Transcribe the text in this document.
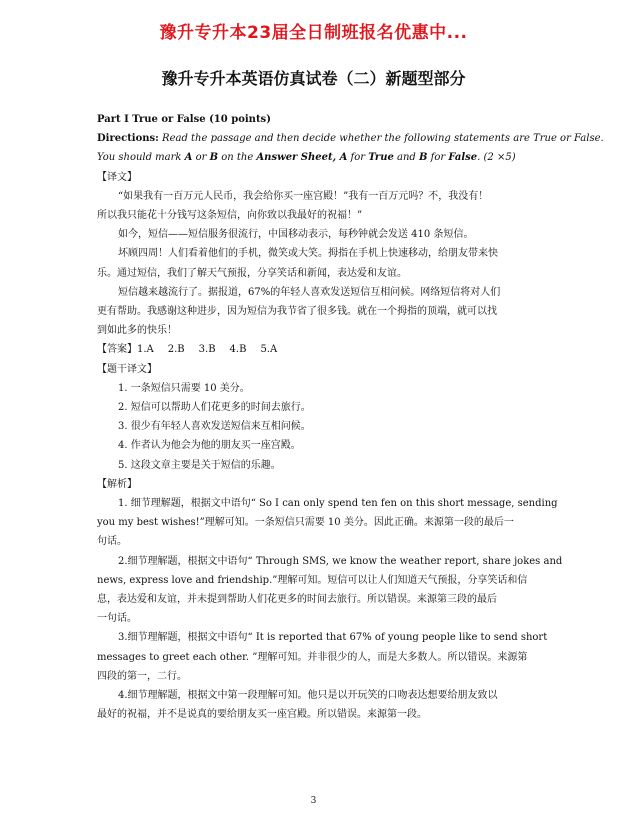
豫升专升本23届全日制班报名优惠中...
豫升专升本英语仿真试卷（二）新题型部分
Part I True or False (10 points)
Directions: Read the passage and then decide whether the following statements are True or False.
You should mark A or B on the Answer Sheet, A for True and B for False. (2 ×5)
【译文】
“如果我有一百万元人民币，我会给你买一座宫殿！”我有一百万元吗？不，我没有！
所以我只能花十分钱写这条短信，向你致以我最好的祝福！”
如今，短信——短信服务很流行，中国移动表示，每秒钟就会发送 410 条短信。
坏顾四周！人们看着他们的手机，微笑或大笑。拇指在手机上快速移动，给朋友带来快
乐。通过短信，我们了解天气预报，分享笑话和新闻，表达爱和友谊。
短信越来越流行了。据报道，67%的年轻人喜欢发送短信互相问候。网络短信将对人们
更有帮助。我感谢这种进步，因为短信为我节省了很多钱。就在一个拇指的顶端，就可以找
到如此多的快乐！
【答案】1.A 2.B 3.B 4.B 5.A
【题干译文】
1. 一条短信只需要 10 美分。
2. 短信可以帮助人们花更多的时间去旅行。
3. 很少有年轻人喜欢发送短信来互相问候。
4. 作者认为他会为他的朋友买一座宫殿。
5. 这段文章主要是关于短信的乐趣。
【解析】
1. 细节理解题，根据文中语句“ So I can only spend ten fen on this short message, sending
you my best wishes!”理解可知。一条短信只需要 10 美分。因此正确。来源第一段的最后一
句话。
2.细节理解题，根据文中语句“ Through SMS, we know the weather report, share jokes and
news, express love and friendship.”理解可知。短信可以让人们知道天气预报，分享笑话和信
息，表达爱和友谊，并未提到帮助人们花更多的时间去旅行。所以错误。来源第三段的最后
一句话。
3.细节理解题，根据文中语句“ It is reported that 67% of young people like to send short
messages to greet each other. ”理解可知。并非很少的人，而是大多数人。所以错误。来源第
四段的第一，二行。
4.细节理解题，根据文中第一段理解可知。他只是以开玩笑的口吻表达想要给朋友致以
最好的祝福，并不是说真的要给朋友买一座宫殿。所以错误。来源第一段。
3
